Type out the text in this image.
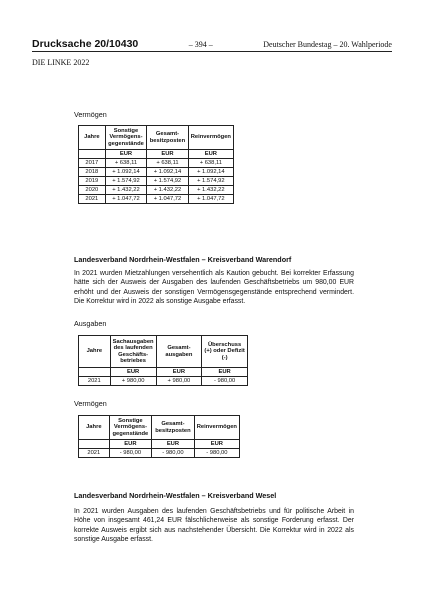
Drucksache 20/10430	– 394 –	Deutscher Bundestag – 20. Wahlperiode
DIE LINKE 2022
Vermögen
Jahre	Sonstige Vermögens-gegenstände	Gesamt-besitzposten	Reinvermögen
	EUR	EUR	EUR
2017	+ 638,11	+ 638,11	+ 638,11
2018	+ 1.092,14	+ 1.092,14	+ 1.092,14
2019	+ 1.574,92	+ 1.574,92	+ 1.574,92
2020	+ 1.432,22	+ 1.432,22	+ 1.432,22
2021	+ 1.047,72	+ 1.047,72	+ 1.047,72
Landesverband Nordrhein-Westfalen – Kreisverband Warendorf
In 2021 wurden Mietzahlungen versehentlich als Kaution gebucht. Bei korrekter Erfassung hätte sich der Ausweis der Ausgaben des laufenden Geschäftsbetriebs um 980,00 EUR erhöht und der Ausweis der sonstigen Vermögensgegenstände entsprechend vermindert. Die Korrektur wird in 2022 als sonstige Ausgabe erfasst.
Ausgaben
Jahre	Sachausgaben des laufenden Geschäfts-betriebes	Gesamt-ausgaben	Überschuss (+) oder Defizit (-)
	EUR	EUR	EUR
2021	+ 980,00	+ 980,00	- 980,00
Vermögen
Jahre	Sonstige Vermögens-gegenstände	Gesamt-besitzposten	Reinvermögen
	EUR	EUR	EUR
2021	- 980,00	- 980,00	- 980,00
Landesverband Nordrhein-Westfalen – Kreisverband Wesel
In 2021 wurden Ausgaben des laufenden Geschäftsbetriebs und für politische Arbeit in Höhe von insgesamt 461,24 EUR fälschlicherweise als sonstige Forderung erfasst. Der korrekte Ausweis ergibt sich aus nachstehender Übersicht. Die Korrektur wird in 2022 als sonstige Ausgabe erfasst.
